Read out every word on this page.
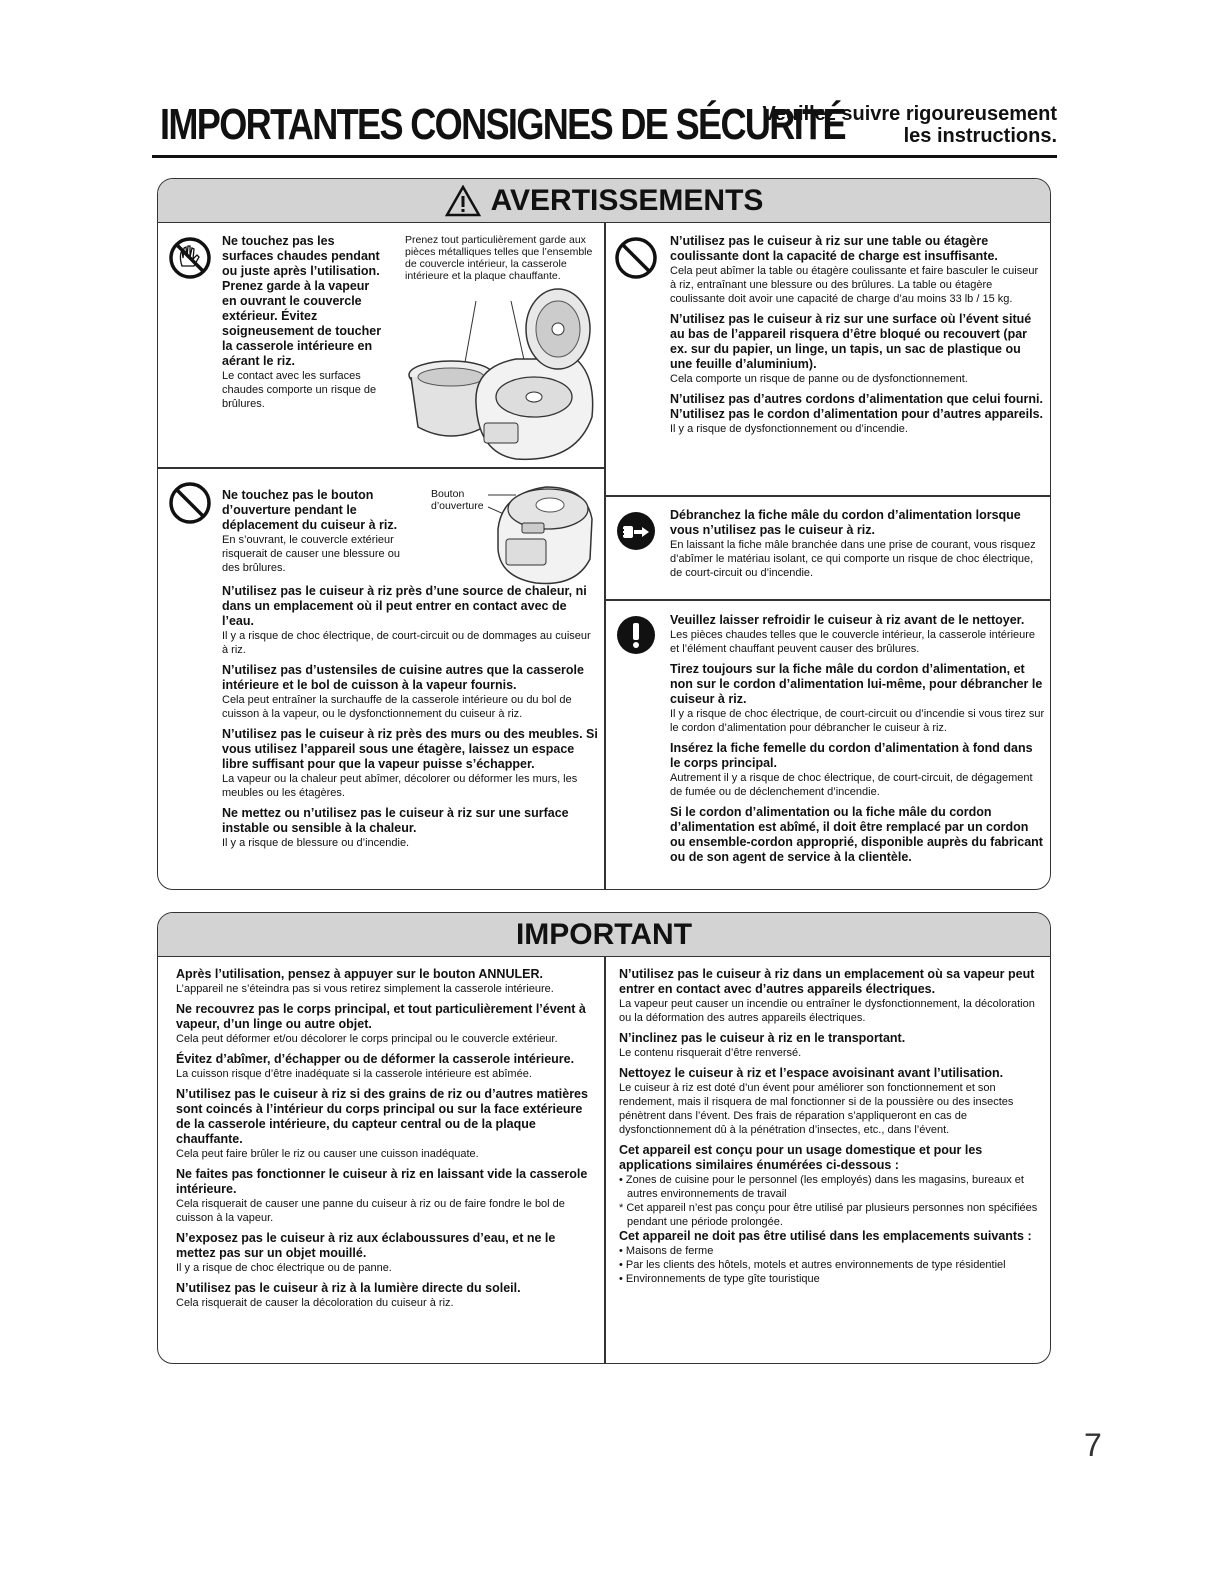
IMPORTANTES CONSIGNES DE SÉCURITÉ
Veuillez suivre rigoureusement
les instructions.
AVERTISSEMENTS
Ne touchez pas les surfaces chaudes pendant ou juste après l’utilisation. Prenez garde à la vapeur en ouvrant le couvercle extérieur. Évitez soigneusement de toucher la casserole intérieure en aérant le riz.
Le contact avec les surfaces chaudes comporte un risque de brûlures.
Prenez tout particulièrement garde aux pièces métalliques telles que l’ensemble de couvercle intérieur, la casserole intérieure et la plaque chauffante.
Ne touchez pas le bouton d’ouverture pendant le déplacement du cuiseur à riz.
En s’ouvrant, le couvercle extérieur risquerait de causer une blessure ou des brûlures.
Bouton
d’ouverture
N’utilisez pas le cuiseur à riz près d’une source de chaleur, ni dans un emplacement où il peut entrer en contact avec de l’eau.
Il y a risque de choc électrique, de court-circuit ou de dommages au cuiseur à riz.
N’utilisez pas d’ustensiles de cuisine autres que la casserole intérieure et le bol de cuisson à la vapeur fournis.
Cela peut entraîner la surchauffe de la casserole intérieure ou du bol de cuisson à la vapeur, ou le dysfonctionnement du cuiseur à riz.
N’utilisez pas le cuiseur à riz près des murs ou des meubles. Si vous utilisez l’appareil sous une étagère, laissez un espace libre suffisant pour que la vapeur puisse s’échapper.
La vapeur ou la chaleur peut abîmer, décolorer ou déformer les murs, les meubles ou les étagères.
Ne mettez ou n’utilisez pas le cuiseur à riz sur une surface instable ou sensible à la chaleur.
Il y a risque de blessure ou d’incendie.
N’utilisez pas le cuiseur à riz sur une table ou étagère coulissante dont la capacité de charge est insuffisante.
Cela peut abîmer la table ou étagère coulissante et faire basculer le cuiseur à riz, entraînant une blessure ou des brûlures. La table ou étagère coulissante doit avoir une capacité de charge d’au moins 33 lb / 15 kg.
N’utilisez pas le cuiseur à riz sur une surface où l’évent situé au bas de l’appareil risquera d’être bloqué ou recouvert (par ex. sur du papier, un linge, un tapis, un sac de plastique ou une feuille d’aluminium).
Cela comporte un risque de panne ou de dysfonctionnement.
N’utilisez pas d’autres cordons d’alimentation que celui fourni. N’utilisez pas le cordon d’alimentation pour d’autres appareils.
Il y a risque de dysfonctionnement ou d’incendie.
Débranchez la fiche mâle du cordon d’alimentation lorsque vous n’utilisez pas le cuiseur à riz.
En laissant la fiche mâle branchée dans une prise de courant, vous risquez d’abîmer le matériau isolant, ce qui comporte un risque de choc électrique, de court-circuit ou d’incendie.
Veuillez laisser refroidir le cuiseur à riz avant de le nettoyer.
Les pièces chaudes telles que le couvercle intérieur, la casserole intérieure et l’élément chauffant peuvent causer des brûlures.
Tirez toujours sur la fiche mâle du cordon d’alimentation, et non sur le cordon d’alimentation lui-même, pour débrancher le cuiseur à riz.
Il y a risque de choc électrique, de court-circuit ou d’incendie si vous tirez sur le cordon d’alimentation pour débrancher le cuiseur à riz.
Insérez la fiche femelle du cordon d’alimentation à fond dans le corps principal.
Autrement il y a risque de choc électrique, de court-circuit, de dégagement de fumée ou de déclenchement d’incendie.
Si le cordon d’alimentation ou la fiche mâle du cordon d’alimentation est abîmé, il doit être remplacé par un cordon ou ensemble-cordon approprié, disponible auprès du fabricant ou de son agent de service à la clientèle.
IMPORTANT
Après l’utilisation, pensez à appuyer sur le bouton ANNULER.
L’appareil ne s’éteindra pas si vous retirez simplement la casserole intérieure.
Ne recouvrez pas le corps principal, et tout particulièrement l’évent à vapeur, d’un linge ou autre objet.
Cela peut déformer et/ou décolorer le corps principal ou le couvercle extérieur.
Évitez d’abîmer, d’échapper ou de déformer la casserole intérieure.
La cuisson risque d’être inadéquate si la casserole intérieure est abîmée.
N’utilisez pas le cuiseur à riz si des grains de riz ou d’autres matières sont coincés à l’intérieur du corps principal ou sur la face extérieure de la casserole intérieure, du capteur central ou de la plaque chauffante.
Cela peut faire brûler le riz ou causer une cuisson inadéquate.
Ne faites pas fonctionner le cuiseur à riz en laissant vide la casserole intérieure.
Cela risquerait de causer une panne du cuiseur à riz ou de faire fondre le bol de cuisson à la vapeur.
N’exposez pas le cuiseur à riz aux éclaboussures d’eau, et ne le mettez pas sur un objet mouillé.
Il y a risque de choc électrique ou de panne.
N’utilisez pas le cuiseur à riz à la lumière directe du soleil.
Cela risquerait de causer la décoloration du cuiseur à riz.
N’utilisez pas le cuiseur à riz dans un emplacement où sa vapeur peut entrer en contact avec d’autres appareils électriques.
La vapeur peut causer un incendie ou entraîner le dysfonctionnement, la décoloration ou la déformation des autres appareils électriques.
N’inclinez pas le cuiseur à riz en le transportant.
Le contenu risquerait d’être renversé.
Nettoyez le cuiseur à riz et l’espace avoisinant avant l’utilisation.
Le cuiseur à riz est doté d’un évent pour améliorer son fonctionnement et son rendement, mais il risquera de mal fonctionner si de la poussière ou des insectes pénètrent dans l’évent. Des frais de réparation s’appliqueront en cas de dysfonctionnement dû à la pénétration d’insectes, etc., dans l’évent.
Cet appareil est conçu pour un usage domestique et pour les applications similaires énumérées ci-dessous :
• Zones de cuisine pour le personnel (les employés) dans les magasins, bureaux et autres environnements de travail
* Cet appareil n’est pas conçu pour être utilisé par plusieurs personnes non spécifiées pendant une période prolongée.
Cet appareil ne doit pas être utilisé dans les emplacements suivants :
• Maisons de ferme
• Par les clients des hôtels, motels et autres environnements de type résidentiel
• Environnements de type gîte touristique
7
